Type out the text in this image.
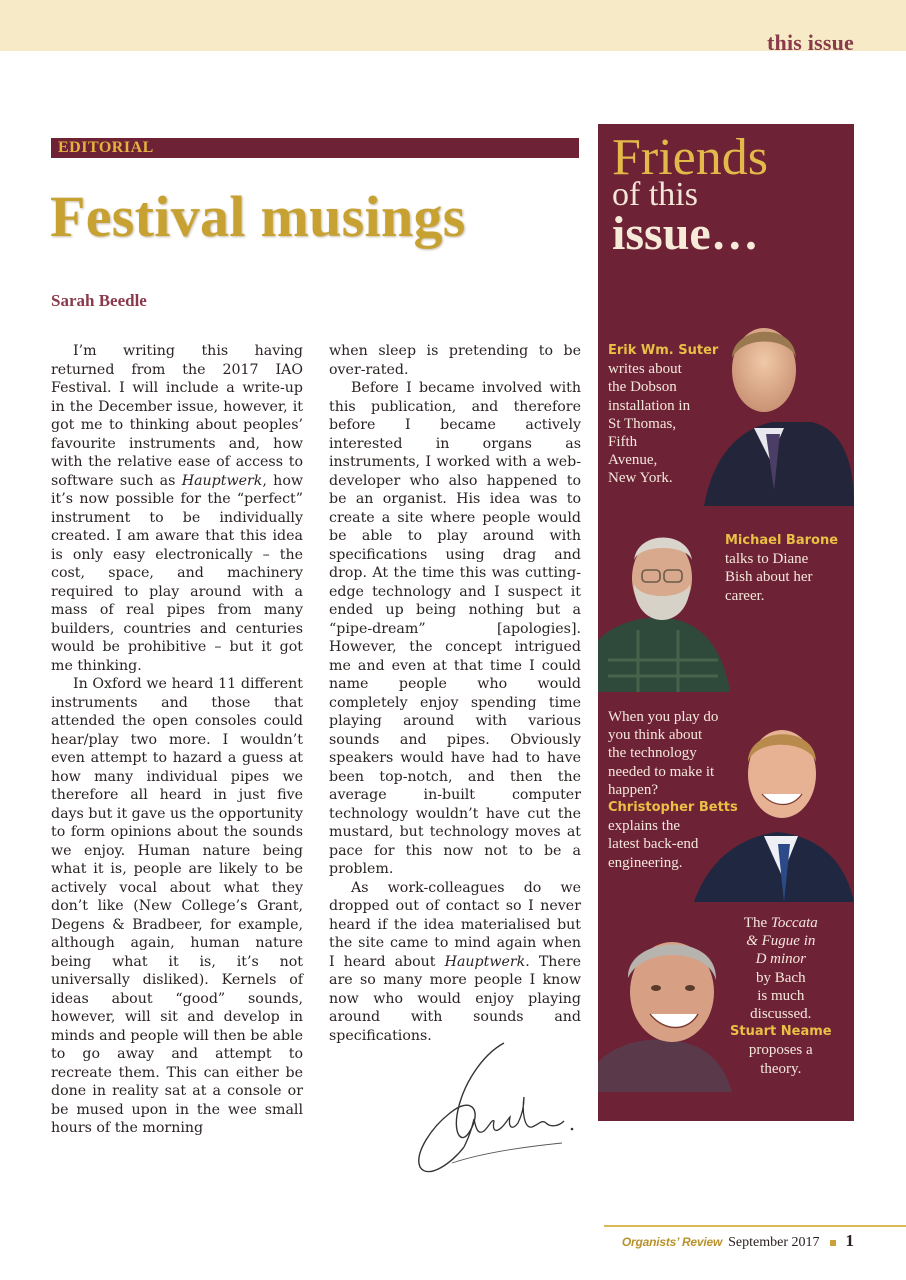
this issue
EDITORIAL
Festival musings
Sarah Beedle

I’m writing this having returned from the 2017 IAO Festival. I will include a write-up in the December issue, however, it got me to thinking about peoples’ favourite instruments and, how with the relative ease of access to software such as Hauptwerk, how it’s now possible for the “perfect” instrument to be individually created. I am aware that this idea is only easy electronically – the cost, space, and machinery required to play around with a mass of real pipes from many builders, countries and centuries would be prohibitive – but it got me thinking.

In Oxford we heard 11 different instruments and those that attended the open consoles could hear/play two more. I wouldn’t even attempt to hazard a guess at how many individual pipes we therefore all heard in just five days but it gave us the opportunity to form opinions about the sounds we enjoy. Human nature being what it is, people are likely to be actively vocal about what they don’t like (New College’s Grant, Degens & Bradbeer, for example, although again, human nature being what it is, it’s not universally disliked). Kernels of ideas about “good” sounds, however, will sit and develop in minds and people will then be able to go away and attempt to recreate them. This can either be done in reality sat at a console or be mused upon in the wee small hours of the morning

when sleep is pretending to be over-rated.

Before I became involved with this publication, and therefore before I became actively interested in organs as instruments, I worked with a web-developer who also happened to be an organist. His idea was to create a site where people would be able to play around with specifications using drag and drop. At the time this was cutting-edge technology and I suspect it ended up being nothing but a “pipe-dream” [apologies]. However, the concept intrigued me and even at that time I could name people who would completely enjoy spending time playing around with various sounds and pipes. Obviously speakers would have had to have been top-notch, and then the average in-built computer technology wouldn’t have cut the mustard, but technology moves at pace for this now not to be a problem.

As work-colleagues do we dropped out of contact so I never heard if the idea materialised but the site came to mind again when I heard about Hauptwerk. There are so many more people I know now who would enjoy playing around with sounds and specifications.

Friends
of this
issue…
Erik Wm. Suter
writes about
the Dobson
installation in
St Thomas,
Fifth
Avenue,
New York.
Michael Barone
talks to Diane
Bish about her
career.
When you play do
you think about
the technology
needed to make it
happen?
Christopher Betts
explains the
latest back-end
engineering.
The Toccata
& Fugue in
D minor
by Bach
is much
discussed.
Stuart Neame
proposes a
theory.
Organists’ Review September 2017 1
